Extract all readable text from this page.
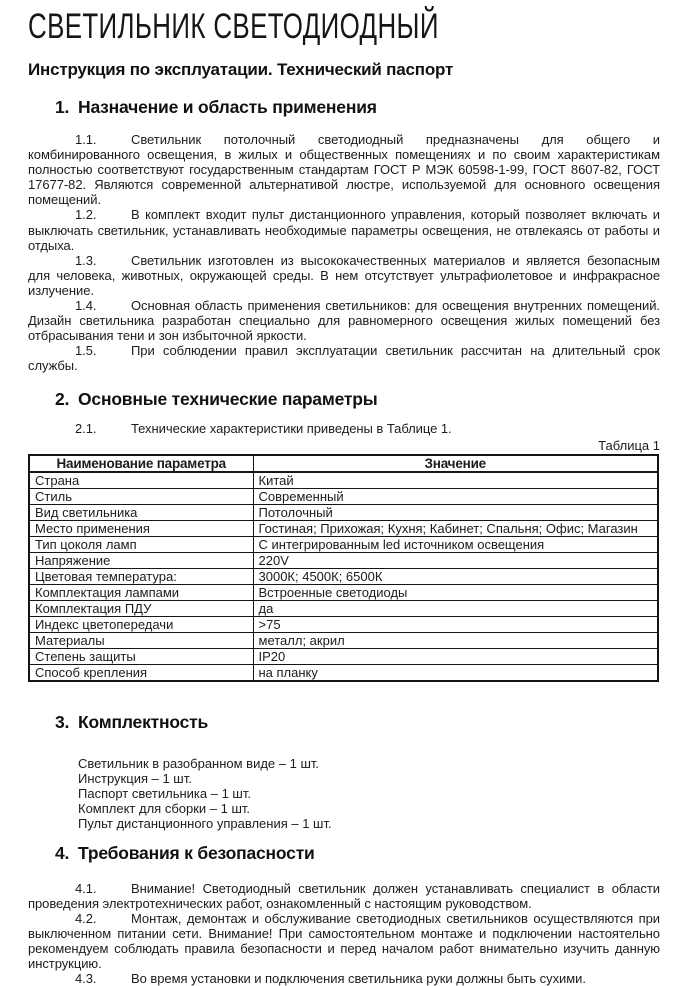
СВЕТИЛЬНИК СВЕТОДИОДНЫЙ
Инструкция по эксплуатации. Технический паспорт
1. Назначение и область применения

1.1.	Светильник потолочный светодиодный предназначены для общего и комбинированного освещения, в жилых и общественных помещениях и по своим характеристикам полностью соответствуют государственным стандартам ГОСТ Р МЭК 60598-1-99, ГОСТ 8607-82, ГОСТ 17677-82. Являются современной альтернативой люстре, используемой для основного освещения помещений.

1.2.	В комплект входит пульт дистанционного управления, который позволяет включать и выключать светильник, устанавливать необходимые параметры освещения, не отвлекаясь от работы и отдыха.

1.3.	Светильник изготовлен из высококачественных материалов и является безопасным для человека, животных, окружающей среды. В нем отсутствует ультрафиолетовое и инфракрасное излучение.

1.4.	Основная область применения светильников: для освещения внутренних помещений. Дизайн светильника разработан специально для равномерного освещения жилых помещений без отбрасывания тени и зон избыточной яркости.

1.5.	При соблюдении правил эксплуатации светильник рассчитан на длительный срок службы.

2. Основные технические параметры

2.1.	Технические характеристики приведены в Таблице 1.

Таблица 1
Наименование параметра	Значение
Страна	Китай
Стиль	Современный
Вид светильника	Потолочный
Место применения	Гостиная; Прихожая; Кухня; Кабинет; Спальня; Офис; Магазин
Тип цоколя ламп	С интегрированным led источником освещения
Напряжение	220V
Цветовая температура:	3000К; 4500К; 6500К
Комплектация лампами	Встроенные светодиоды
Комплектация ПДУ	да
Индекс цветопередачи	>75
Материалы	металл; акрил
Степень защиты	IP20
Способ крепления	на планку
3. Комплектность
Светильник в разобранном виде – 1 шт.
Инструкция – 1 шт.
Паспорт светильника – 1 шт.
Комплект для сборки – 1 шт.
Пульт дистанционного управления – 1 шт.
4. Требования к безопасности

4.1.	Внимание! Светодиодный светильник должен устанавливать специалист в области проведения электротехнических работ, ознакомленный с настоящим руководством.

4.2.	Монтаж, демонтаж и обслуживание светодиодных светильников осуществляются при выключенном питании сети. Внимание! При самостоятельном монтаже и подключении настоятельно рекомендуем соблюдать правила безопасности и перед началом работ внимательно изучить данную инструкцию.

4.3.	Во время установки и подключения светильника руки должны быть сухими.
